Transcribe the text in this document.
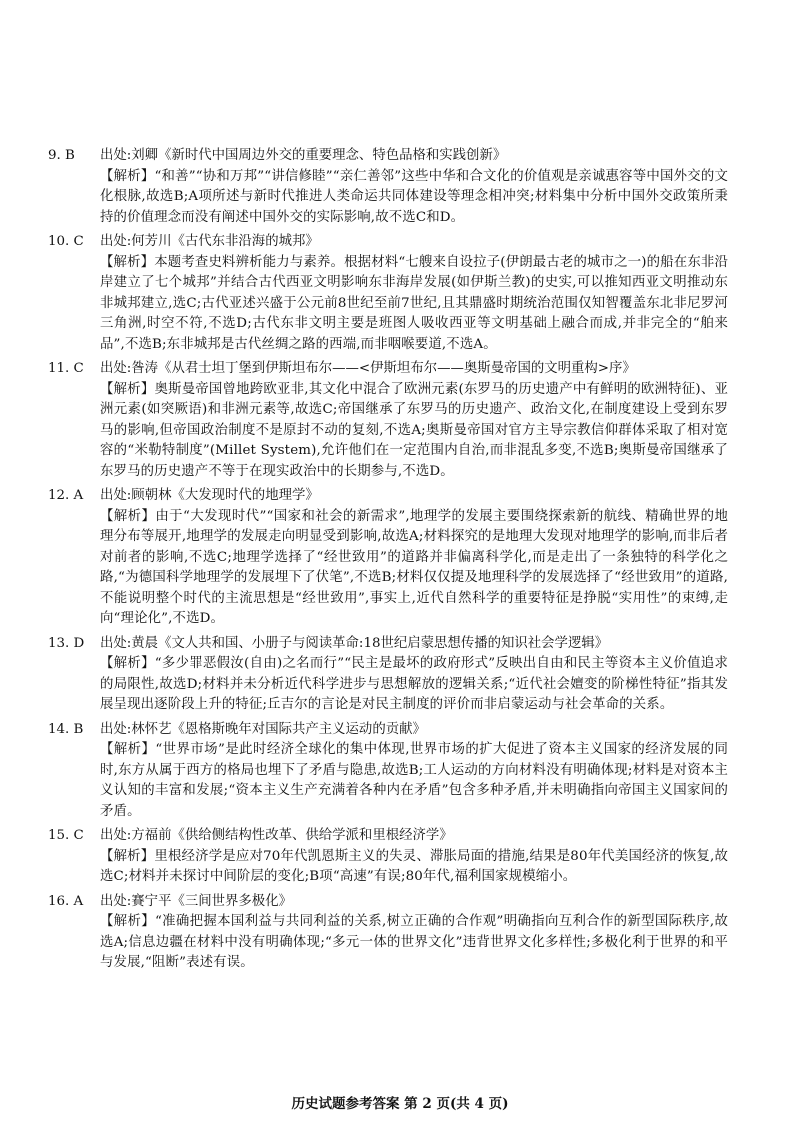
9. B	出处:刘卿《新时代中国周边外交的重要理念、特色品格和实践创新》
【解析】“和善”“协和万邦”“讲信修睦”“亲仁善邻”这些中华和合文化的价值观是亲诚惠容等中国外交的文化根脉,故选B;A项所述与新时代推进人类命运共同体建设等理念相冲突;材料集中分析中国外交政策所秉持的价值理念而没有阐述中国外交的实际影响,故不选C和D。
10. C	出处:何芳川《古代东非沿海的城邦》
【解析】本题考查史料辨析能力与素养。根据材料“七艘来自设拉子(伊朗最古老的城市之一)的船在东非沿岸建立了七个城邦”并结合古代西亚文明影响东非海岸发展(如伊斯兰教)的史实,可以推知西亚文明推动东非城邦建立,选C;古代亚述兴盛于公元前8世纪至前7世纪,且其鼎盛时期统治范围仅知智覆盖东北非尼罗河三角洲,时空不符,不选D;古代东非文明主要是班图人吸收西亚等文明基础上融合而成,并非完全的“舶来品”,不选B;东非城邦是古代丝绸之路的西端,而非咽喉要道,不选A。
11. C	出处:昝涛《从君士坦丁堡到伊斯坦布尔——<伊斯坦布尔——奥斯曼帝国的文明重构>序》
【解析】奥斯曼帝国曾地跨欧亚非,其文化中混合了欧洲元素(东罗马的历史遗产中有鲜明的欧洲特征)、亚洲元素(如突厥语)和非洲元素等,故选C;帝国继承了东罗马的历史遗产、政治文化,在制度建设上受到东罗马的影响,但帝国政治制度不是原封不动的复刻,不选A;奥斯曼帝国对官方主导宗教信仰群体采取了相对宽容的“米勒特制度”(Millet System),允许他们在一定范围内自治,而非混乱多变,不选B;奥斯曼帝国继承了东罗马的历史遗产不等于在现实政治中的长期参与,不选D。
12. A	出处:顾朝林《大发现时代的地理学》
【解析】由于“大发现时代”“国家和社会的新需求”,地理学的发展主要围绕探索新的航线、精确世界的地理分布等展开,地理学的发展走向明显受到影响,故选A;材料探究的是地理大发现对地理学的影响,而非后者对前者的影响,不选C;地理学选择了“经世致用”的道路并非偏离科学化,而是走出了一条独特的科学化之路,“为德国科学地理学的发展埋下了伏笔”,不选B;材料仅仅提及地理科学的发展选择了“经世致用”的道路,不能说明整个时代的主流思想是“经世致用”,事实上,近代自然科学的重要特征是挣脱“实用性”的束缚,走向“理论化”,不选D。
13. D	出处:黄晨《文人共和国、小册子与阅读革命:18世纪启蒙思想传播的知识社会学逻辑》
【解析】“多少罪恶假汝(自由)之名而行”“民主是最坏的政府形式”反映出自由和民主等资本主义价值追求的局限性,故选D;材料并未分析近代科学进步与思想解放的逻辑关系;“近代社会嬗变的阶梯性特征”指其发展呈现出逐阶段上升的特征;丘吉尔的言论是对民主制度的评价而非启蒙运动与社会革命的关系。
14. B	出处:林怀艺《恩格斯晚年对国际共产主义运动的贡献》
【解析】“世界市场”是此时经济全球化的集中体现,世界市场的扩大促进了资本主义国家的经济发展的同时,东方从属于西方的格局也埋下了矛盾与隐患,故选B;工人运动的方向材料没有明确体现;材料是对资本主义认知的丰富和发展;“资本主义生产充满着各种内在矛盾”包含多种矛盾,并未明确指向帝国主义国家间的矛盾。
15. C	出处:方福前《供给侧结构性改革、供给学派和里根经济学》
【解析】里根经济学是应对70年代凯恩斯主义的失灵、滞胀局面的措施,结果是80年代美国经济的恢复,故选C;材料并未探讨中间阶层的变化;B项“高速”有误;80年代,福利国家规模缩小。
16. A	出处:賽宁平《三间世界多极化》
【解析】“准确把握本国利益与共同利益的关系,树立正确的合作观”明确指向互利合作的新型国际秩序,故选A;信息边疆在材料中没有明确体现;“多元一体的世界文化”违背世界文化多样性;多极化利于世界的和平与发展,“阻断”表述有误。
历史试题参考答案 第 2 页(共 4 页)
